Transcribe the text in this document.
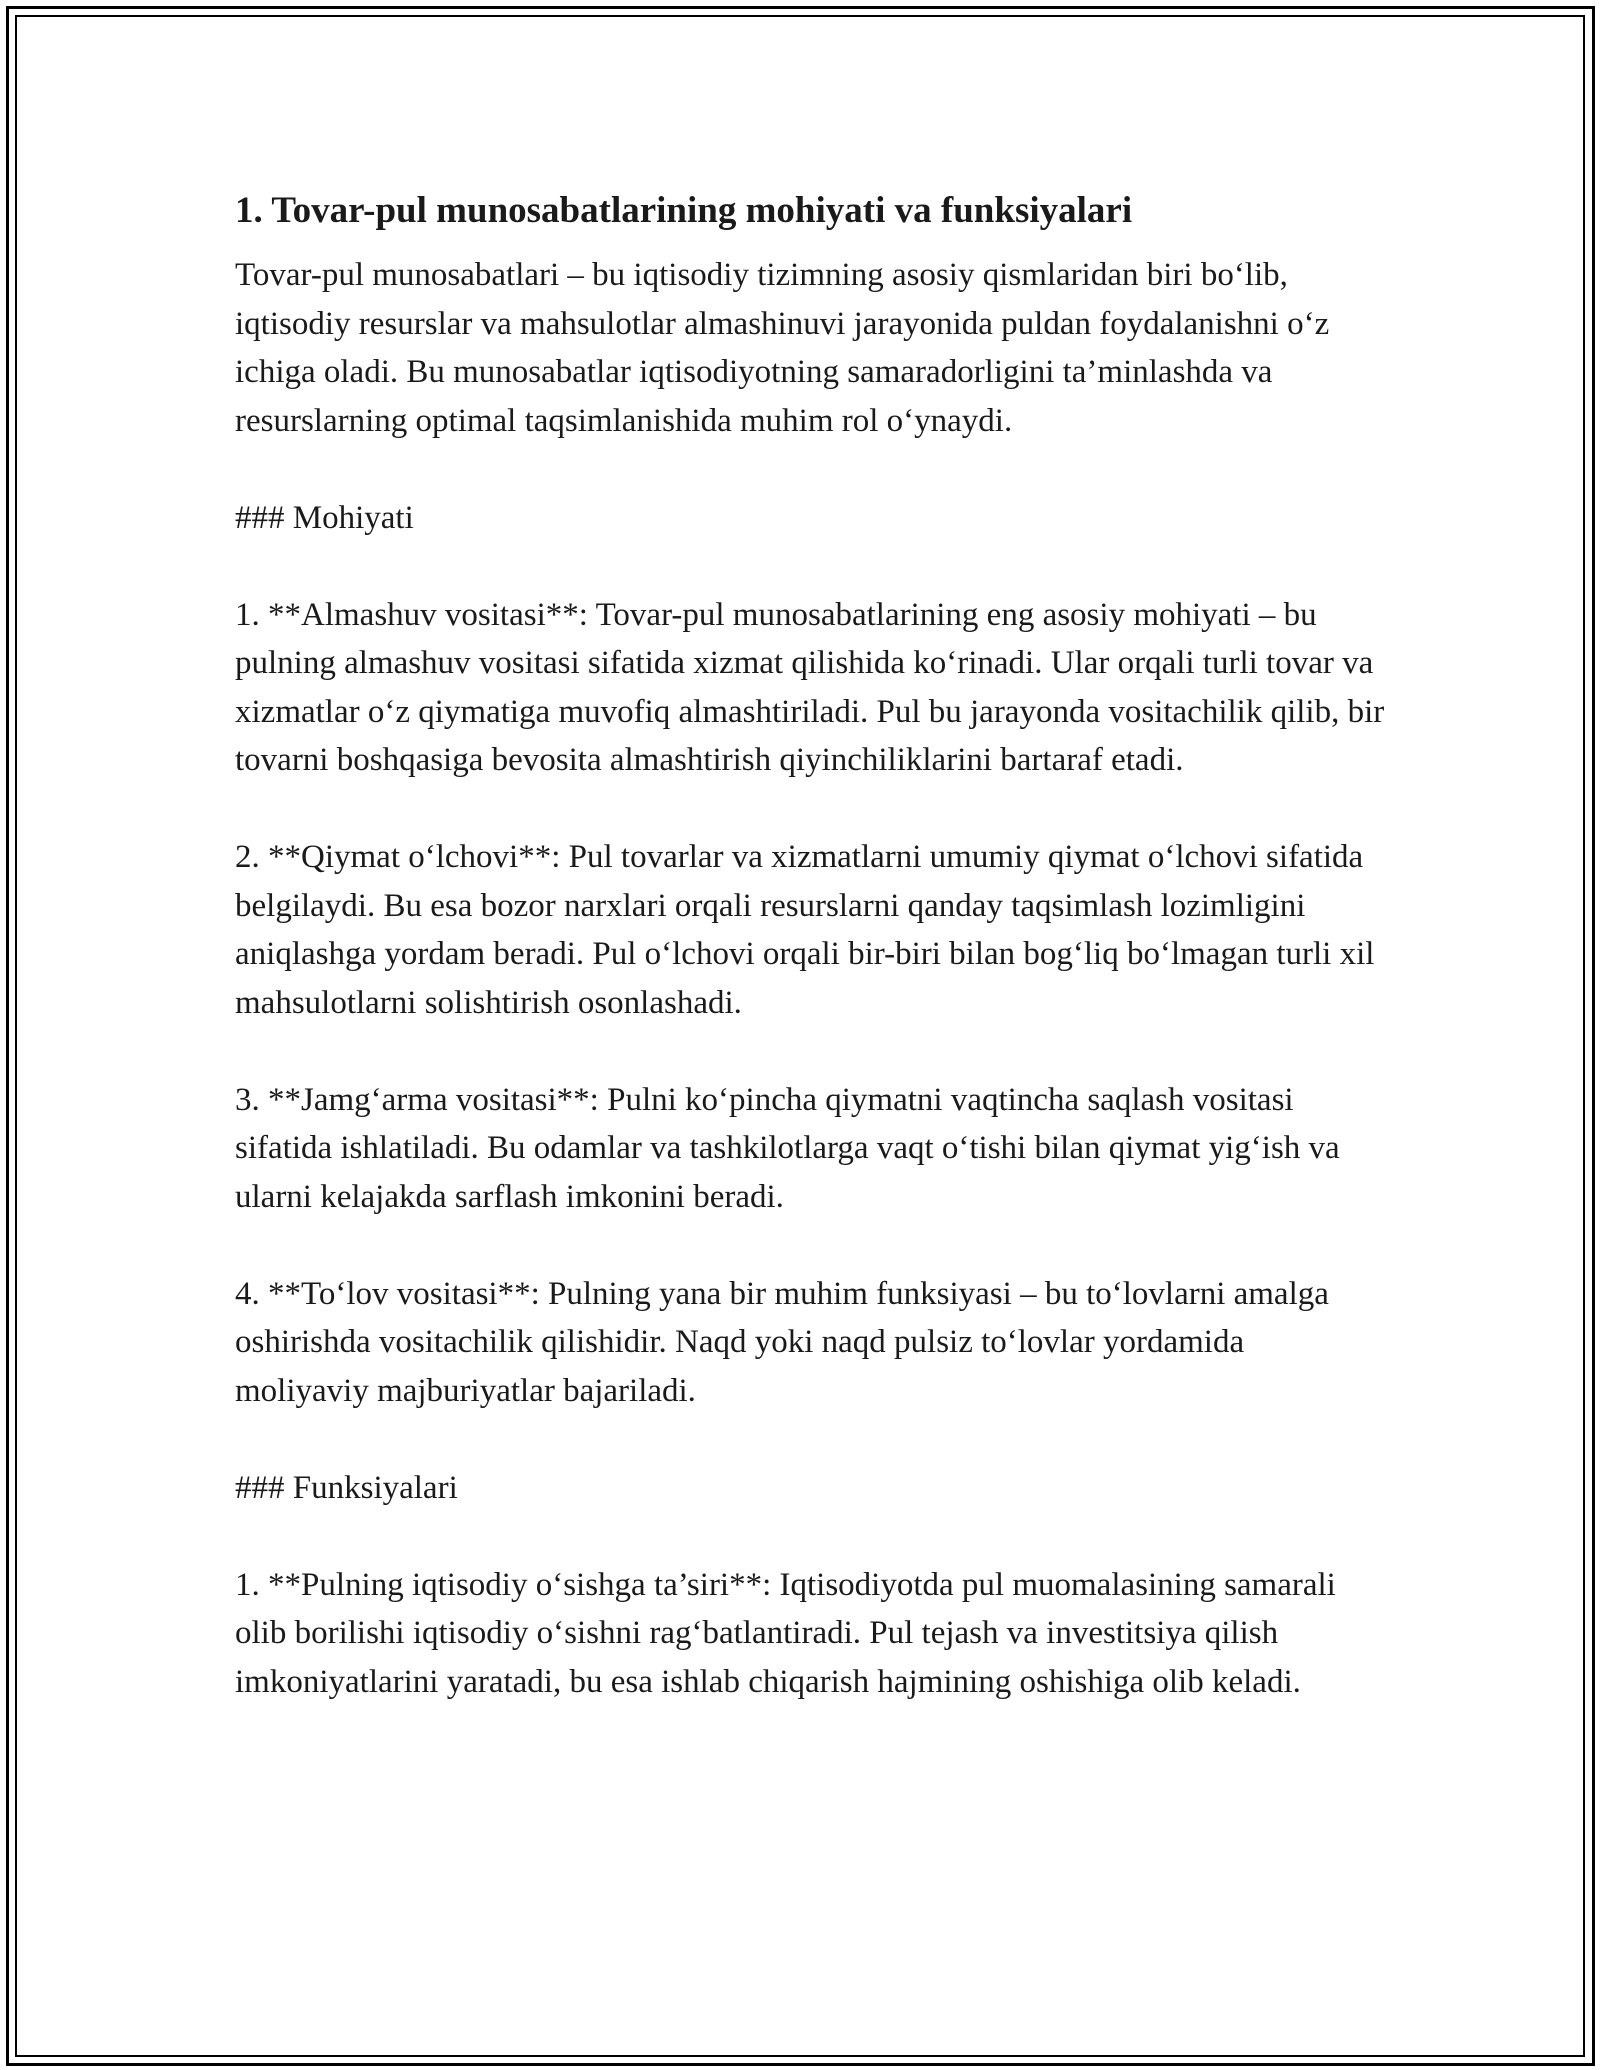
1. Tovar-pul munosabatlarining mohiyati va funksiyalari

Tovar-pul munosabatlari – bu iqtisodiy tizimning asosiy qismlaridan biri bo‘lib, iqtisodiy resurslar va mahsulotlar almashinuvi jarayonida puldan foydalanishni o‘z ichiga oladi. Bu munosabatlar iqtisodiyotning samaradorligini ta’minlashda va resurslarning optimal taqsimlanishida muhim rol o‘ynaydi.

### Mohiyati

1. **Almashuv vositasi**: Tovar-pul munosabatlarining eng asosiy mohiyati – bu pulning almashuv vositasi sifatida xizmat qilishida ko‘rinadi. Ular orqali turli tovar va xizmatlar o‘z qiymatiga muvofiq almashtiriladi. Pul bu jarayonda vositachilik qilib, bir tovarni boshqasiga bevosita almashtirish qiyinchiliklarini bartaraf etadi.

2. **Qiymat o‘lchovi**: Pul tovarlar va xizmatlarni umumiy qiymat o‘lchovi sifatida belgilaydi. Bu esa bozor narxlari orqali resurslarni qanday taqsimlash lozimligini aniqlashga yordam beradi. Pul o‘lchovi orqali bir-biri bilan bog‘liq bo‘lmagan turli xil mahsulotlarni solishtirish osonlashadi.

3. **Jamg‘arma vositasi**: Pulni ko‘pincha qiymatni vaqtincha saqlash vositasi sifatida ishlatiladi. Bu odamlar va tashkilotlarga vaqt o‘tishi bilan qiymat yig‘ish va ularni kelajakda sarflash imkonini beradi.

4. **To‘lov vositasi**: Pulning yana bir muhim funksiyasi – bu to‘lovlarni amalga oshirishda vositachilik qilishidir. Naqd yoki naqd pulsiz to‘lovlar yordamida moliyaviy majburiyatlar bajariladi.

### Funksiyalari

1. **Pulning iqtisodiy o‘sishga ta’siri**: Iqtisodiyotda pul muomalasining samarali olib borilishi iqtisodiy o‘sishni rag‘batlantiradi. Pul tejash va investitsiya qilish imkoniyatlarini yaratadi, bu esa ishlab chiqarish hajmining oshishiga olib keladi.
